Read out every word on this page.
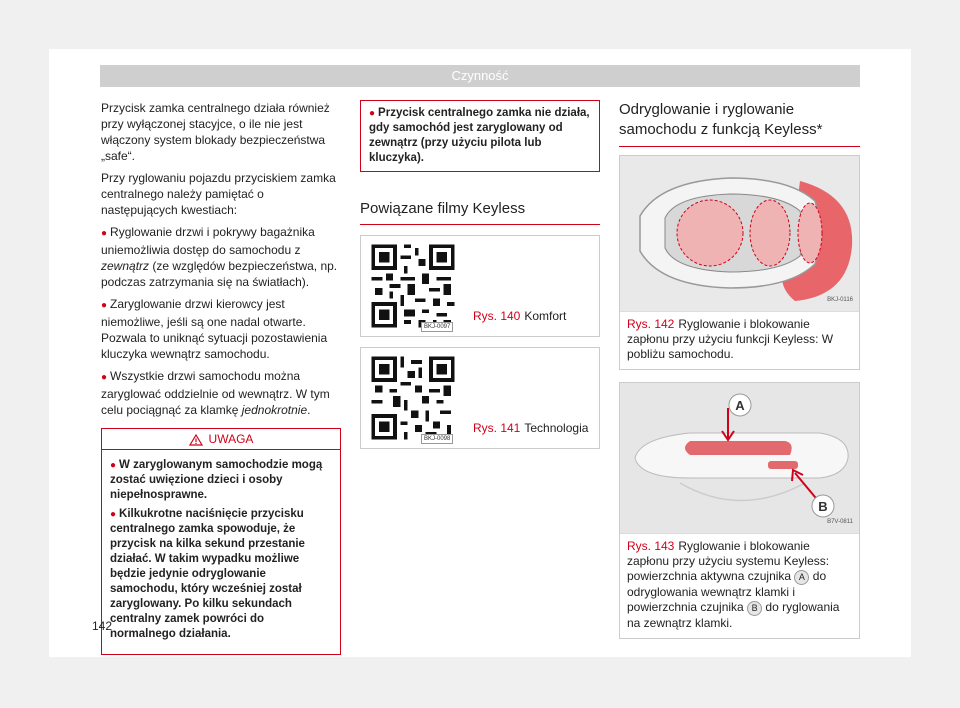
Czynność

Przycisk zamka centralnego działa również przy wyłączonej stacyjce, o ile nie jest włączony system blokady bezpieczeństwa „safe“.

Przy ryglowaniu pojazdu przyciskiem zamka centralnego należy pamiętać o następujących kwestiach:

● Ryglowanie drzwi i pokrywy bagażnika uniemożliwia dostęp do samochodu z zewnątrz (ze względów bezpieczeństwa, np. podczas zatrzymania się na światłach).

● Zaryglowanie drzwi kierowcy jest niemożliwe, jeśli są one nadal otwarte. Pozwala to uniknąć sytuacji pozostawienia kluczyka wewnątrz samochodu.

● Wszystkie drzwi samochodu można zaryglować oddzielnie od wewnątrz. W tym celu pociągnąć za klamkę jednokrotnie.

UWAGA

● W zaryglowanym samochodzie mogą zostać uwięzione dzieci i osoby niepełnosprawne.

● Kilkukrotne naciśnięcie przycisku centralnego zamka spowoduje, że przycisk na kilka sekund przestanie działać. W takim wypadku możliwe będzie jedynie odryglowanie samochodu, który wcześniej został zaryglowany. Po kilku sekundach centralny zamek powróci do normalnego działania.

● Przycisk centralnego zamka nie działa, gdy samochód jest zaryglowany od zewnątrz (przy użyciu pilota lub kluczyka).
Powiązane filmy Keyless
BKJ-0097
Rys. 140 Komfort
BKJ-0098
Rys. 141 Technologia
Odryglowanie i ryglowanie samochodu z funkcją Keyless*
BKJ-0116
Rys. 142 Ryglowanie i blokowanie zapłonu przy użyciu funkcji Keyless: W pobliżu samochodu.
A
B
B7V-0811
Rys. 143 Ryglowanie i blokowanie zapłonu przy użyciu systemu Keyless: powierzchnia aktywna czujnika A do odryglowania wewnątrz klamki i powierzchnia czujnika B do ryglowania na zewnątrz klamki.
142
